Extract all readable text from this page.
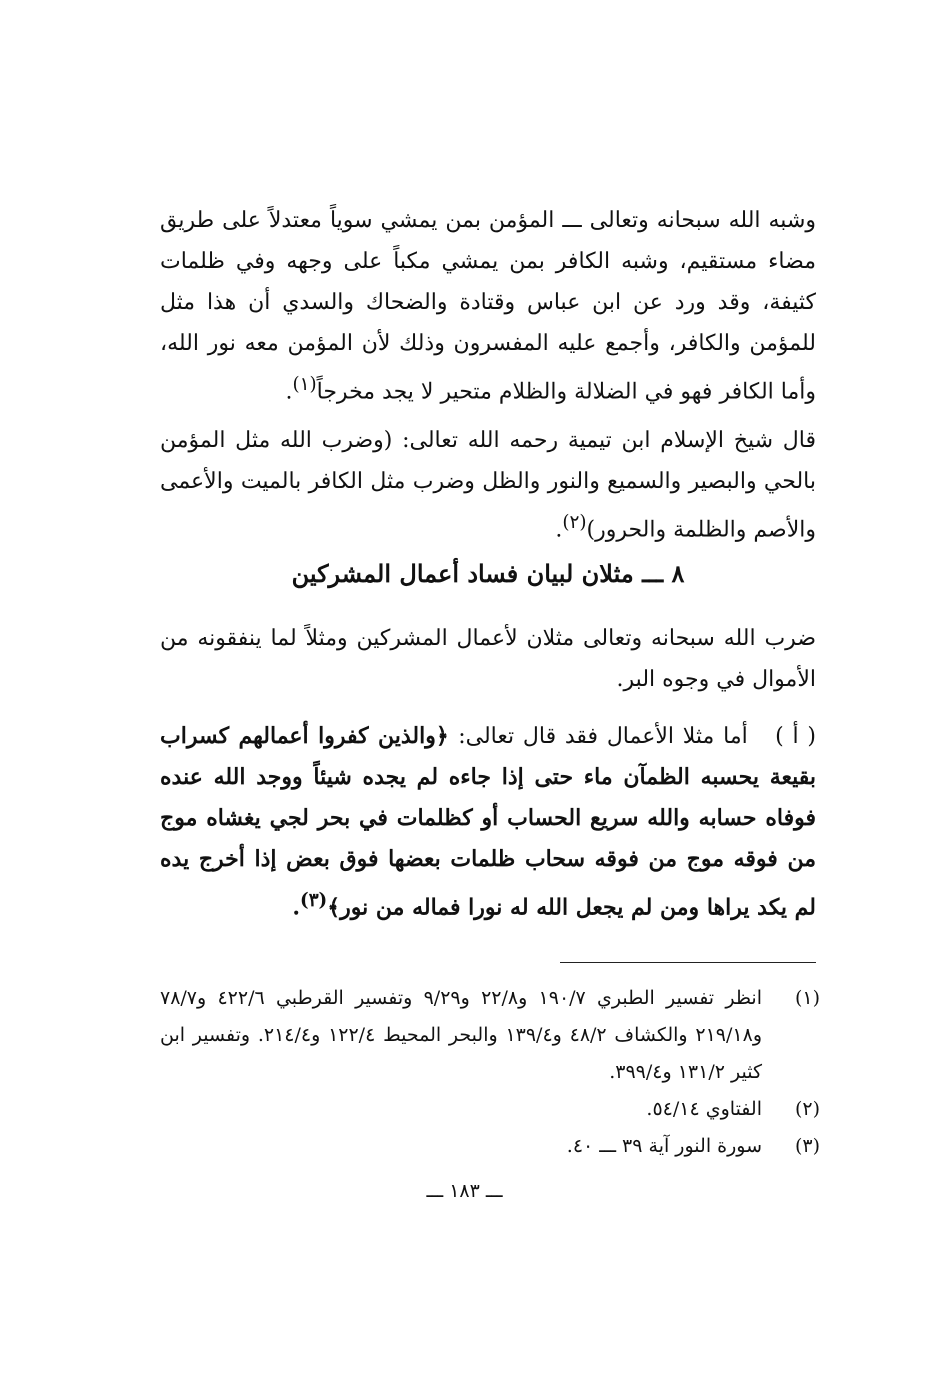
وشبه الله سبحانه وتعالى ـــ المؤمن بمن يمشي سوياً معتدلاً على طريق مضاء مستقيم، وشبه الكافر بمن يمشي مكباً على وجهه وفي ظلمات كثيفة، وقد ورد عن ابن عباس وقتادة والضحاك والسدي أن هذا مثل للمؤمن والكافر، وأجمع عليه المفسرون وذلك لأن المؤمن معه نور الله، وأما الكافر فهو في الضلالة والظلام متحير لا يجد مخرجاً$^{(١)}$.
قال شيخ الإسلام ابن تيمية رحمه الله تعالى: (وضرب الله مثل المؤمن بالحي والبصير والسميع والنور والظل وضرب مثل الكافر بالميت والأعمى والأصم والظلمة والحرور)$^{(٢)}$.
٨ ـــ مثلان لبيان فساد أعمال المشركين
ضرب الله سبحانه وتعالى مثلان لأعمال المشركين ومثلاً لما ينفقونه من الأموال في وجوه البر.
( أ ) أما مثلا الأعمال فقد قال تعالى: ﴿والذين كفروا أعمالهم كسراب بقيعة يحسبه الظمآن ماء حتى إذا جاءه لم يجده شيئاً ووجد الله عنده فوفاه حسابه والله سريع الحساب أو كظلمات في بحر لجي يغشاه موج من فوقه موج من فوقه سحاب ظلمات بعضها فوق بعض إذا أخرج يده لم يكد يراها ومن لم يجعل الله له نورا فماله من نور﴾$^{(٣)}$.
(١)
انظر تفسير الطبري ١٩٠/٧ و٢٢/٨ و٩/٢٩ وتفسير القرطبي ٤٢٢/٦ و٧٨/٧ و٢١٩/١٨ والكشاف ٤٨/٢ و١٣٩/٤ والبحر المحيط ١٢٢/٤ و٢١٤/٤. وتفسير ابن كثير ١٣١/٢ و٣٩٩/٤.
(٢)
الفتاوي ٥٤/١٤.
(٣)
سورة النور آية ٣٩ ـــ ٤٠.
ـــ ١٨٣ ـــ
